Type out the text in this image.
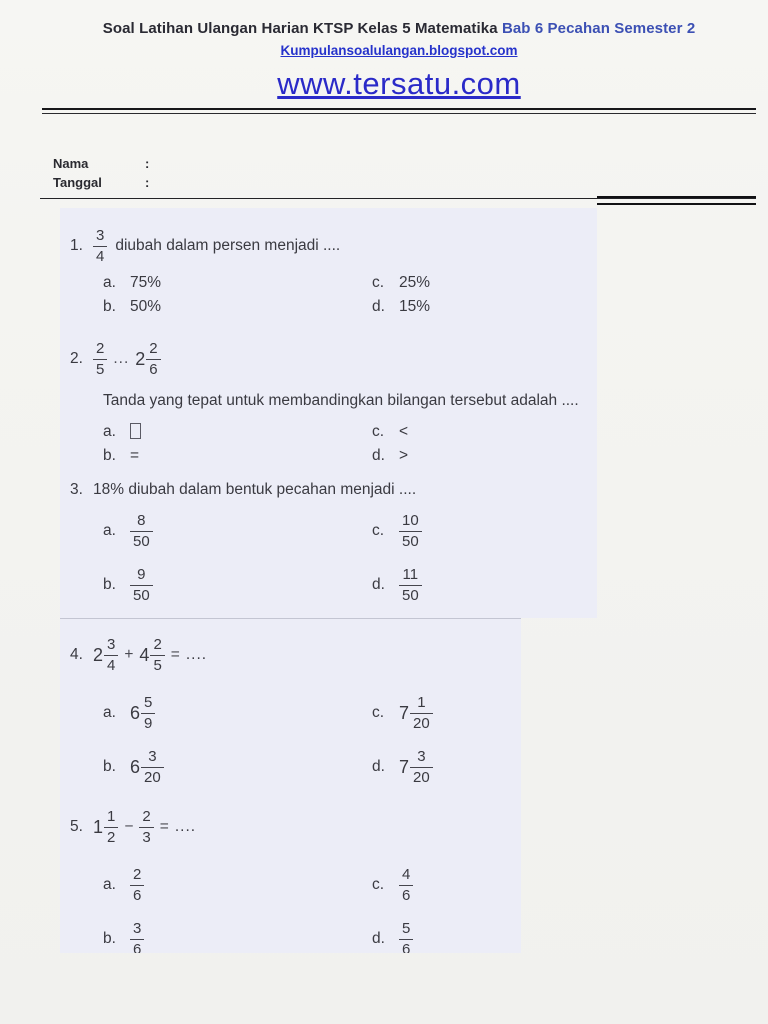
Soal Latihan Ulangan Harian KTSP Kelas 5 Matematika Bab 6 Pecahan Semester 2
Kumpulansoalulangan.blogspot.com
www.tersatu.com
Nama	:
Tanggal	:
1. $\frac{3}{4}$ diubah dalam persen menjadi ....
a. 75%	c. 25%
b. 50%	d. 15%
2. $\frac{2}{5}$ ... $2 \frac{2}{6}$
Tanda yang tepat untuk membandingkan bilangan tersebut adalah ....
a.	c. <
b. =	d. >
3. 18% diubah dalam bentuk pecahan menjadi ....
a. $\frac{8}{50}$	c. $\frac{10}{50}$
b. $\frac{9}{50}$	d. $\frac{11}{50}$
4. $2 \frac{3}{4} + 4 \frac{2}{5}$ = ....
a. $6 \frac{5}{9}$	c. $7 \frac{1}{20}$
b. $6 \frac{3}{20}$	d. $7 \frac{3}{20}$
5. $1 \frac{1}{2} - \frac{2}{3}$ = ....
a. $\frac{2}{6}$	c. $\frac{4}{6}$
b. $\frac{3}{6}$	d. $\frac{5}{6}$
